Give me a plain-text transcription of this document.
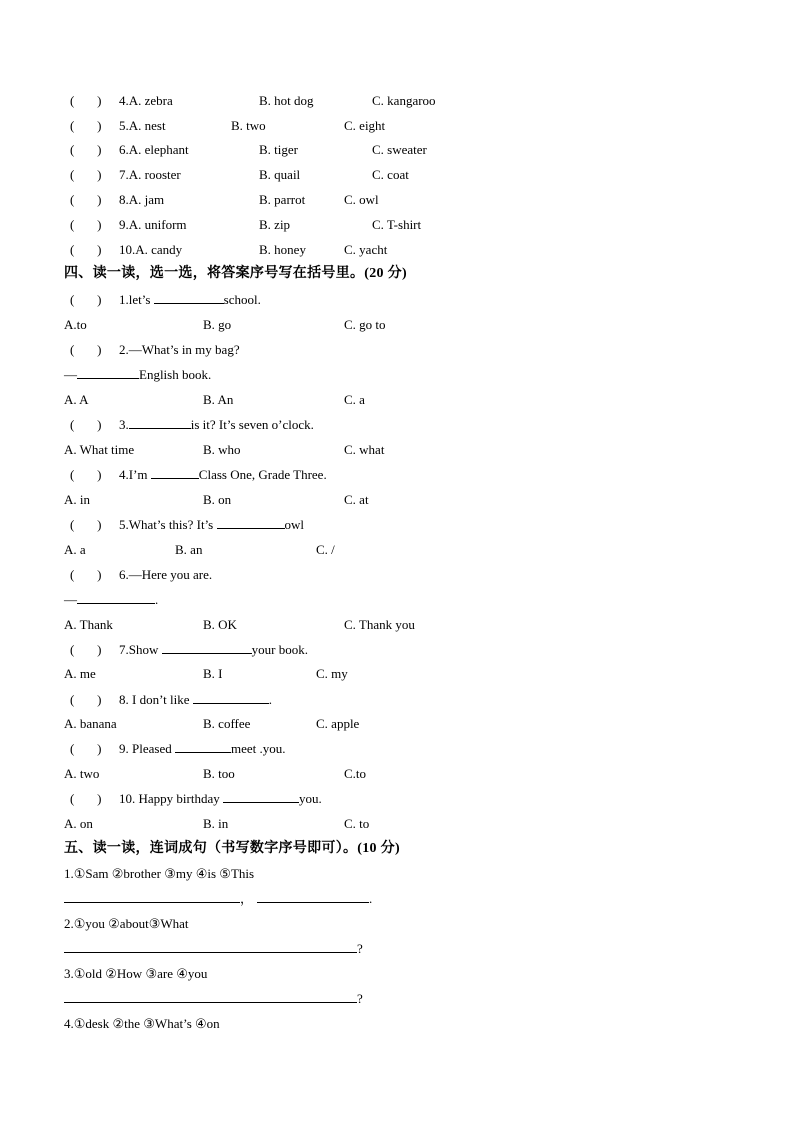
(       ) 4.A. zebra	B. hot dog	C. kangaroo
(       ) 5.A. nest	B. two	C. eight
(       ) 6.A. elephant	B. tiger	C. sweater
(       ) 7.A. rooster	B. quail	C. coat
(       ) 8.A. jam	B. parrot	C. owl
(       ) 9.A. uniform	B. zip	C. T-shirt
(       ) 10.A. candy	B. honey	C. yacht
四、读一读，选一选，将答案序号写在括号里。(20 分)
(       ) 1.let’s	school.
A.to	B. go	C. go to
(       ) 2.—What’s in my bag?
—	English book.
A. A	B. An	C. a
(       ) 3.	is it? It’s seven o’clock.
A. What time	B. who	C. what
(       ) 4.I’m	Class One, Grade Three.
A. in	B. on	C. at
(       ) 5.What’s this? It’s	owl
A. a	B. an	C. /
(       ) 6.—Here you are.
—	.
A. Thank	B. OK	C. Thank you
(       ) 7.Show	your book.
A. me	B. I	C. my
(       ) 8. I don’t like	.
A. banana	B. coffee	C. apple
(       ) 9. Pleased	meet .you.
A. two	B. too	C.to
(       ) 10. Happy birthday	you.
A. on	B. in	C. to
五、读一读，连词成句（书写数字序号即可）。(10 分)
1.①Sam ②brother ③my ④is ⑤This
，	.
2.①you ②about③What
?
3.①old ②How ③are ④you
?
4.①desk ②the ③What’s ④on
